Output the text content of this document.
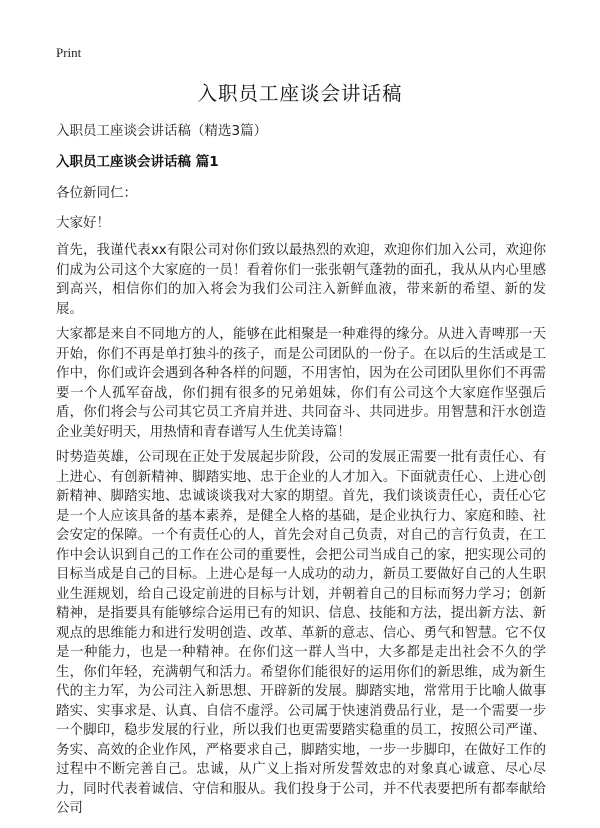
Print
入职员工座谈会讲话稿

入职员工座谈会讲话稿（精选3篇）

入职员工座谈会讲话稿 篇1

各位新同仁：

大家好！

首先，我谨代表xx有限公司对你们致以最热烈的欢迎，欢迎你们加入公司，欢迎你们成为公司这个大家庭的一员！看着你们一张张朝气蓬勃的面孔，我从从内心里感到高兴，相信你们的加入将会为我们公司注入新鲜血液，带来新的希望、新的发展。

大家都是来自不同地方的人，能够在此相聚是一种难得的缘分。从进入青啤那一天开始，你们不再是单打独斗的孩子，而是公司团队的一份子。在以后的生活或是工作中，你们或许会遇到各种各样的问题，不用害怕，因为在公司团队里你们不再需要一个人孤军奋战，你们拥有很多的兄弟姐妹，你们有公司这个大家庭作坚强后盾，你们将会与公司其它员工齐肩并进、共同奋斗、共同进步。用智慧和汗水创造企业美好明天，用热情和青春谱写人生优美诗篇！

时势造英雄，公司现在正处于发展起步阶段，公司的发展正需要一批有责任心、有上进心、有创新精神、脚踏实地、忠于企业的人才加入。下面就责任心、上进心创新精神、脚踏实地、忠诚谈谈我对大家的期望。首先，我们谈谈责任心，责任心它是一个人应该具备的基本素养，是健全人格的基础，是企业执行力、家庭和睦、社会安定的保障。一个有责任心的人，首先会对自己负责，对自己的言行负责，在工作中会认识到自己的工作在公司的重要性，会把公司当成自己的家，把实现公司的目标当成是自己的目标。上进心是每一人成功的动力，新员工要做好自己的人生职业生涯规划，给自己设定前进的目标与计划，并朝着自己的目标而努力学习；创新精神，是指要具有能够综合运用已有的知识、信息、技能和方法，提出新方法、新观点的思维能力和进行发明创造、改革、革新的意志、信心、勇气和智慧。它不仅是一种能力，也是一种精神。在你们这一群人当中，大多都是走出社会不久的学生，你们年轻，充满朝气和活力。希望你们能很好的运用你们的新思维，成为新生代的主力军，为公司注入新思想、开辟新的发展。脚踏实地，常常用于比喻人做事踏实、实事求是、认真、自信不虚浮。公司属于快速消费品行业，是一个需要一步一个脚印，稳步发展的行业，所以我们也更需要踏实稳重的员工，按照公司严谨、务实、高效的企业作风，严格要求自己，脚踏实地，一步一步脚印，在做好工作的过程中不断完善自己。忠诚，从广义上指对所发誓效忠的对象真心诚意、尽心尽力，同时代表着诚信、守信和服从。我们投身于公司，并不代表要把所有都奉献给公司
